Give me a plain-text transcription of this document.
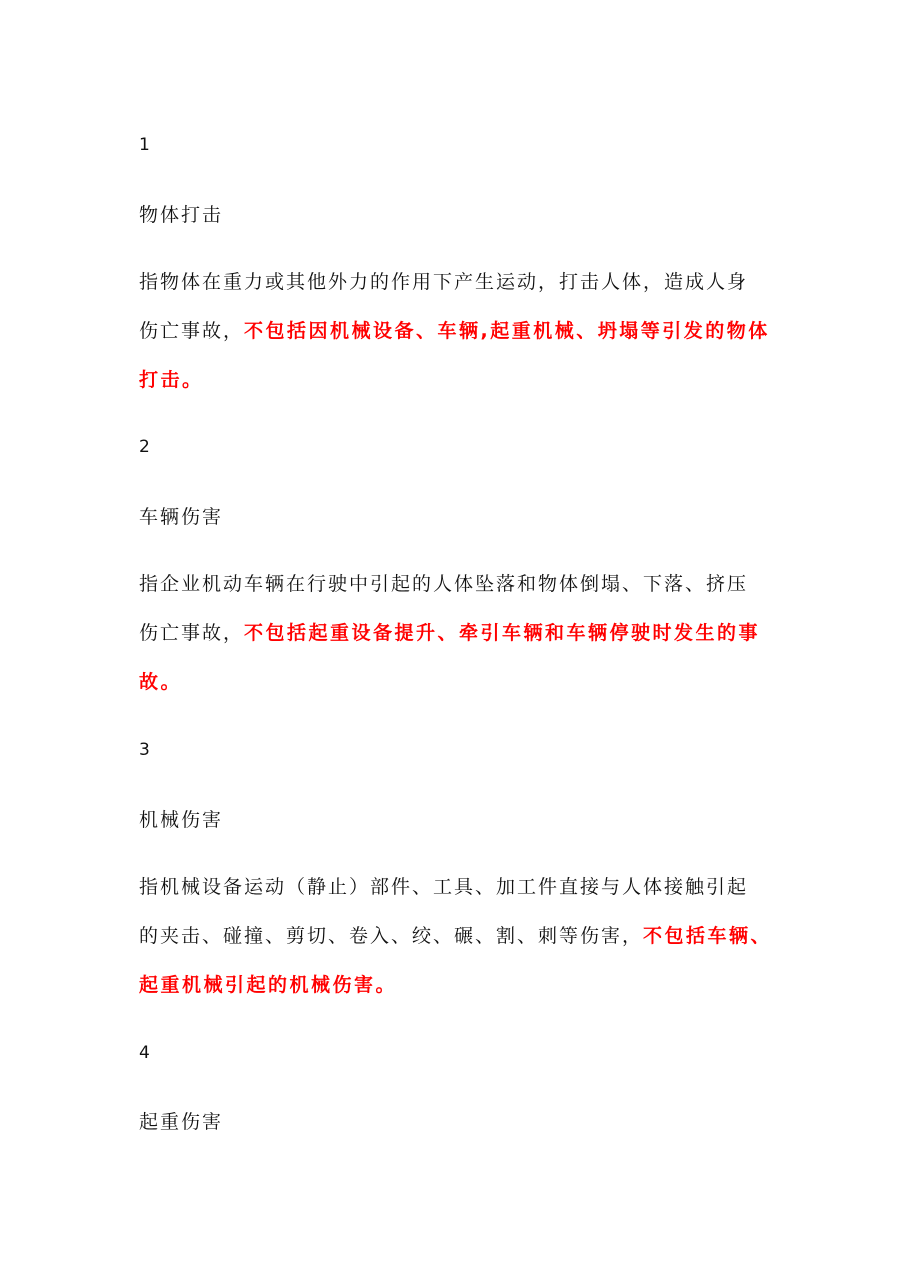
1
物体打击
指物体在重力或其他外力的作用下产生运动，打击人体，造成人身
伤亡事故，不包括因机械设备、车辆,起重机械、坍塌等引发的物体
打击。
2
车辆伤害
指企业机动车辆在行驶中引起的人体坠落和物体倒塌、下落、挤压
伤亡事故，不包括起重设备提升、牵引车辆和车辆停驶时发生的事
故。
3
机械伤害
指机械设备运动（静止）部件、工具、加工件直接与人体接触引起
的夹击、碰撞、剪切、卷入、绞、碾、割、刺等伤害，不包括车辆、
起重机械引起的机械伤害。
4
起重伤害
